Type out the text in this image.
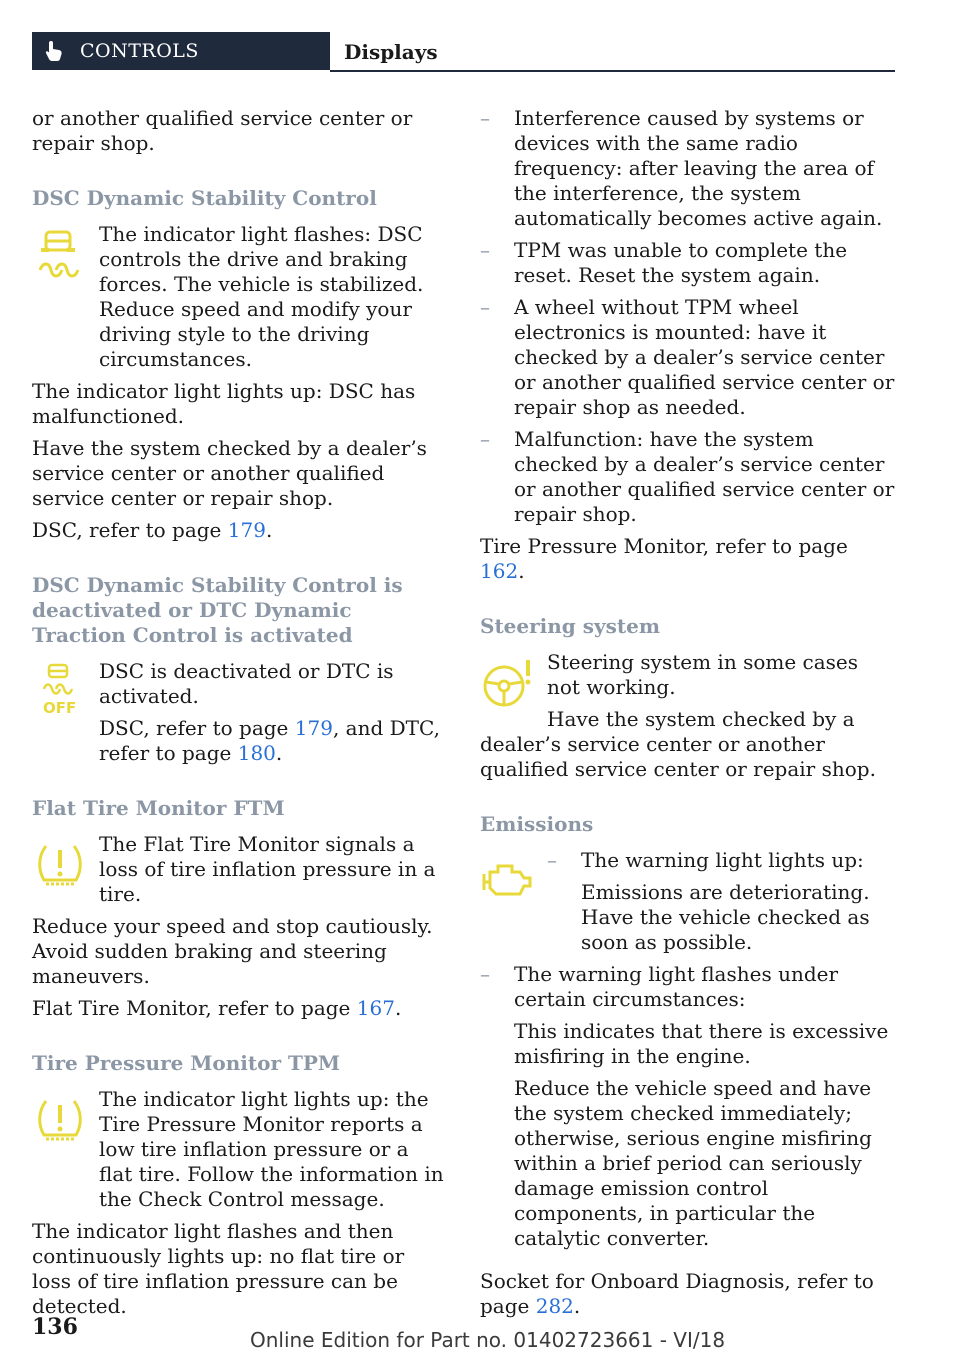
CONTROLS	Displays

or another qualified service center or repair shop.

DSC Dynamic Stability Control

The indicator light flashes: DSC controls the drive and braking forces. The vehicle is stabilized. Reduce speed and modify your driving style to the driving circumstances.

The indicator light lights up: DSC has malfunctioned.

Have the system checked by a dealer’s service center or another qualified service center or repair shop.

DSC, refer to page 179.

DSC Dynamic Stability Control is deactivated or DTC Dynamic Traction Control is activated
OFF

DSC is deactivated or DTC is activated.

DSC, refer to page 179, and DTC, refer to page 180.

Flat Tire Monitor FTM

The Flat Tire Monitor signals a loss of tire inflation pressure in a tire.

Reduce your speed and stop cautiously. Avoid sudden braking and steering maneuvers.

Flat Tire Monitor, refer to page 167.

Tire Pressure Monitor TPM

The indicator light lights up: the Tire Pressure Monitor reports a low tire inflation pressure or a flat tire. Follow the information in the Check Control message.

The indicator light flashes and then continuously lights up: no flat tire or loss of tire inflation pressure can be detected.

– Interference caused by systems or devices with the same radio frequency: after leaving the area of the interference, the system automatically becomes active again.
– TPM was unable to complete the reset. Reset the system again.
– A wheel without TPM wheel electronics is mounted: have it checked by a dealer’s service center or another qualified service center or repair shop as needed.
– Malfunction: have the system checked by a dealer’s service center or another qualified service center or repair shop.

Tire Pressure Monitor, refer to page 162.

Steering system

Steering system in some cases not working.

Have the system checked by a dealer’s service center or another qualified service center or repair shop.

Emissions
– The warning light lights up:

Emissions are deteriorating. Have the vehicle checked as soon as possible.

– The warning light flashes under certain circumstances:

This indicates that there is excessive misfiring in the engine.

Reduce the vehicle speed and have the system checked immediately; otherwise, serious engine misfiring within a brief period can seriously damage emission control components, in particular the catalytic converter.

Socket for Onboard Diagnosis, refer to page 282.

136	Online Edition for Part no. 01402723661 - VI/18
